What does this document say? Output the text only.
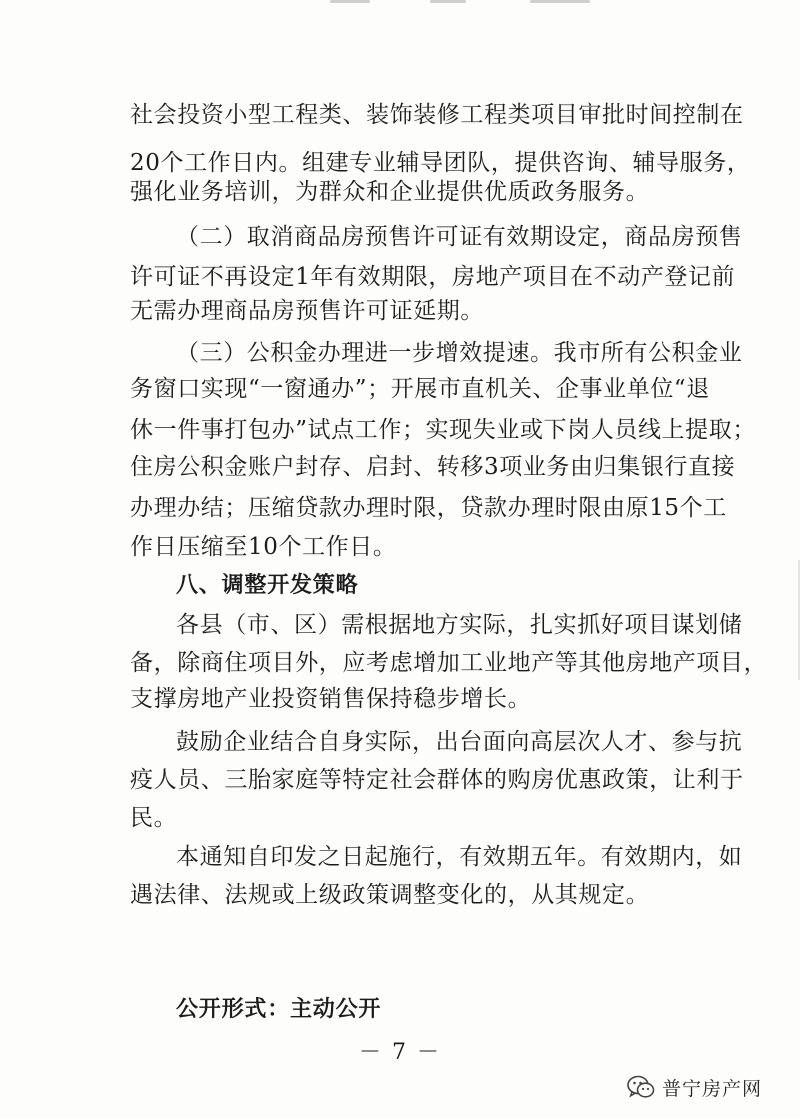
社会投资小型工程类、装饰装修工程类项目审批时间控制在
20个工作日内。组建专业辅导团队，提供咨询、辅导服务，
强化业务培训，为群众和企业提供优质政务服务。
（二）取消商品房预售许可证有效期设定，商品房预售
许可证不再设定1年有效期限，房地产项目在不动产登记前
无需办理商品房预售许可证延期。
（三）公积金办理进一步增效提速。我市所有公积金业
务窗口实现“一窗通办”；开展市直机关、企事业单位“退
休一件事打包办”试点工作；实现失业或下岗人员线上提取；
住房公积金账户封存、启封、转移3项业务由归集银行直接
办理办结；压缩贷款办理时限，贷款办理时限由原15个工
作日压缩至10个工作日。
八、调整开发策略
各县（市、区）需根据地方实际，扎实抓好项目谋划储
备，除商住项目外，应考虑增加工业地产等其他房地产项目，
支撑房地产业投资销售保持稳步增长。
鼓励企业结合自身实际，出台面向高层次人才、参与抗
疫人员、三胎家庭等特定社会群体的购房优惠政策，让利于
民。
本通知自印发之日起施行，有效期五年。有效期内，如
遇法律、法规或上级政策调整变化的，从其规定。
公开形式：主动公开
－ 7 －
普宁房产网
